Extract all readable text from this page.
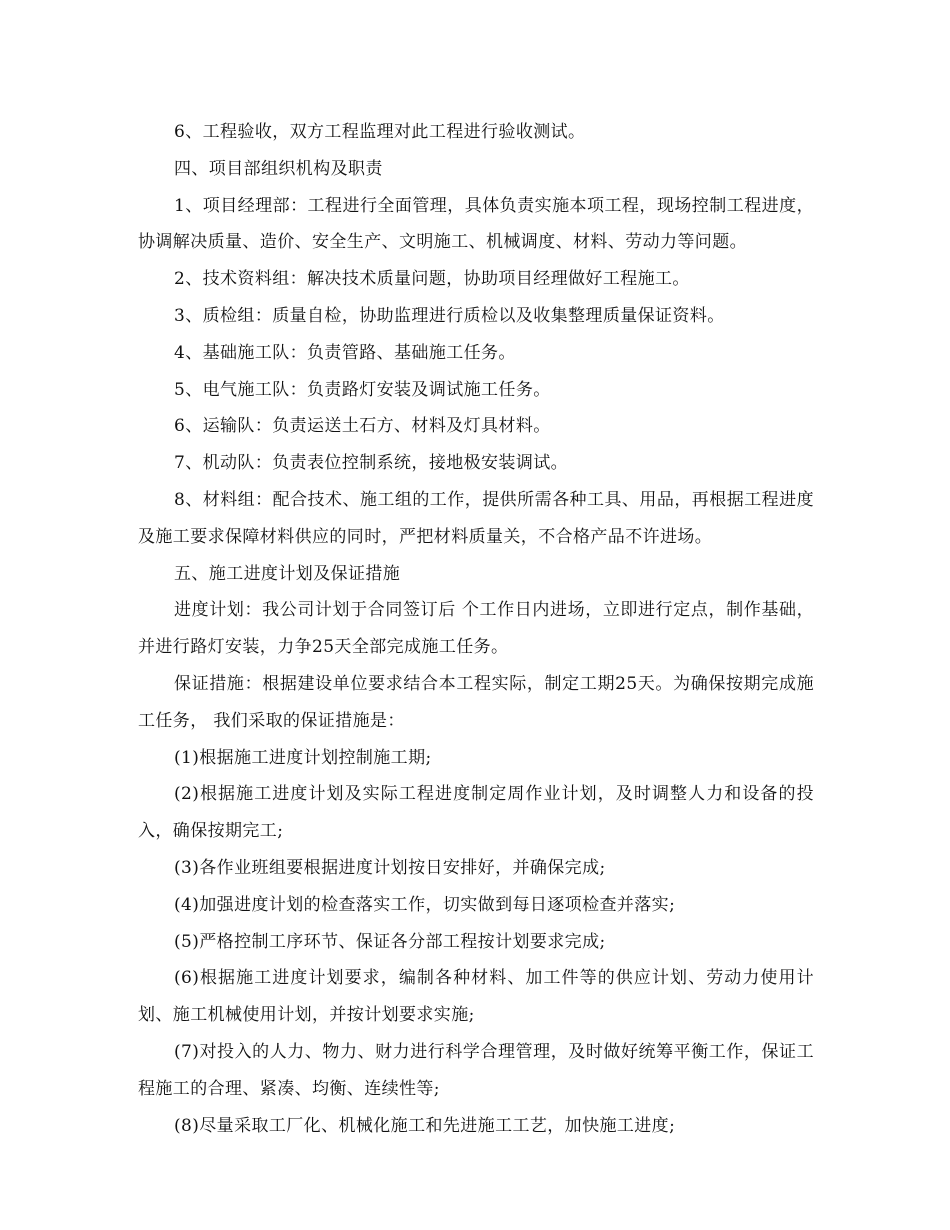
6、工程验收，双方工程监理对此工程进行验收测试。

四、项目部组织机构及职责

1、项目经理部：工程进行全面管理，具体负责实施本项工程，现场控制工程进度，协调解决质量、造价、安全生产、文明施工、机械调度、材料、劳动力等问题。

2、技术资料组：解决技术质量问题，协助项目经理做好工程施工。

3、质检组：质量自检，协助监理进行质检以及收集整理质量保证资料。

4、基础施工队：负责管路、基础施工任务。

5、电气施工队：负责路灯安装及调试施工任务。

6、运输队：负责运送土石方、材料及灯具材料。

7、机动队：负责表位控制系统，接地极安装调试。

8、材料组：配合技术、施工组的工作，提供所需各种工具、用品，再根据工程进度及施工要求保障材料供应的同时，严把材料质量关，不合格产品不许进场。

五、施工进度计划及保证措施

进度计划：我公司计划于合同签订后 个工作日内进场，立即进行定点，制作基础，并进行路灯安装，力争25天全部完成施工任务。

保证措施：根据建设单位要求结合本工程实际，制定工期25天。为确保按期完成施工任务， 我们采取的保证措施是：

(1)根据施工进度计划控制施工期;

(2)根据施工进度计划及实际工程进度制定周作业计划，及时调整人力和设备的投入，确保按期完工;

(3)各作业班组要根据进度计划按日安排好，并确保完成;

(4)加强进度计划的检查落实工作，切实做到每日逐项检查并落实;

(5)严格控制工序环节、保证各分部工程按计划要求完成;

(6)根据施工进度计划要求，编制各种材料、加工件等的供应计划、劳动力使用计划、施工机械使用计划，并按计划要求实施;

(7)对投入的人力、物力、财力进行科学合理管理，及时做好统筹平衡工作，保证工程施工的合理、紧凑、均衡、连续性等;

(8)尽量采取工厂化、机械化施工和先进施工工艺，加快施工进度;
